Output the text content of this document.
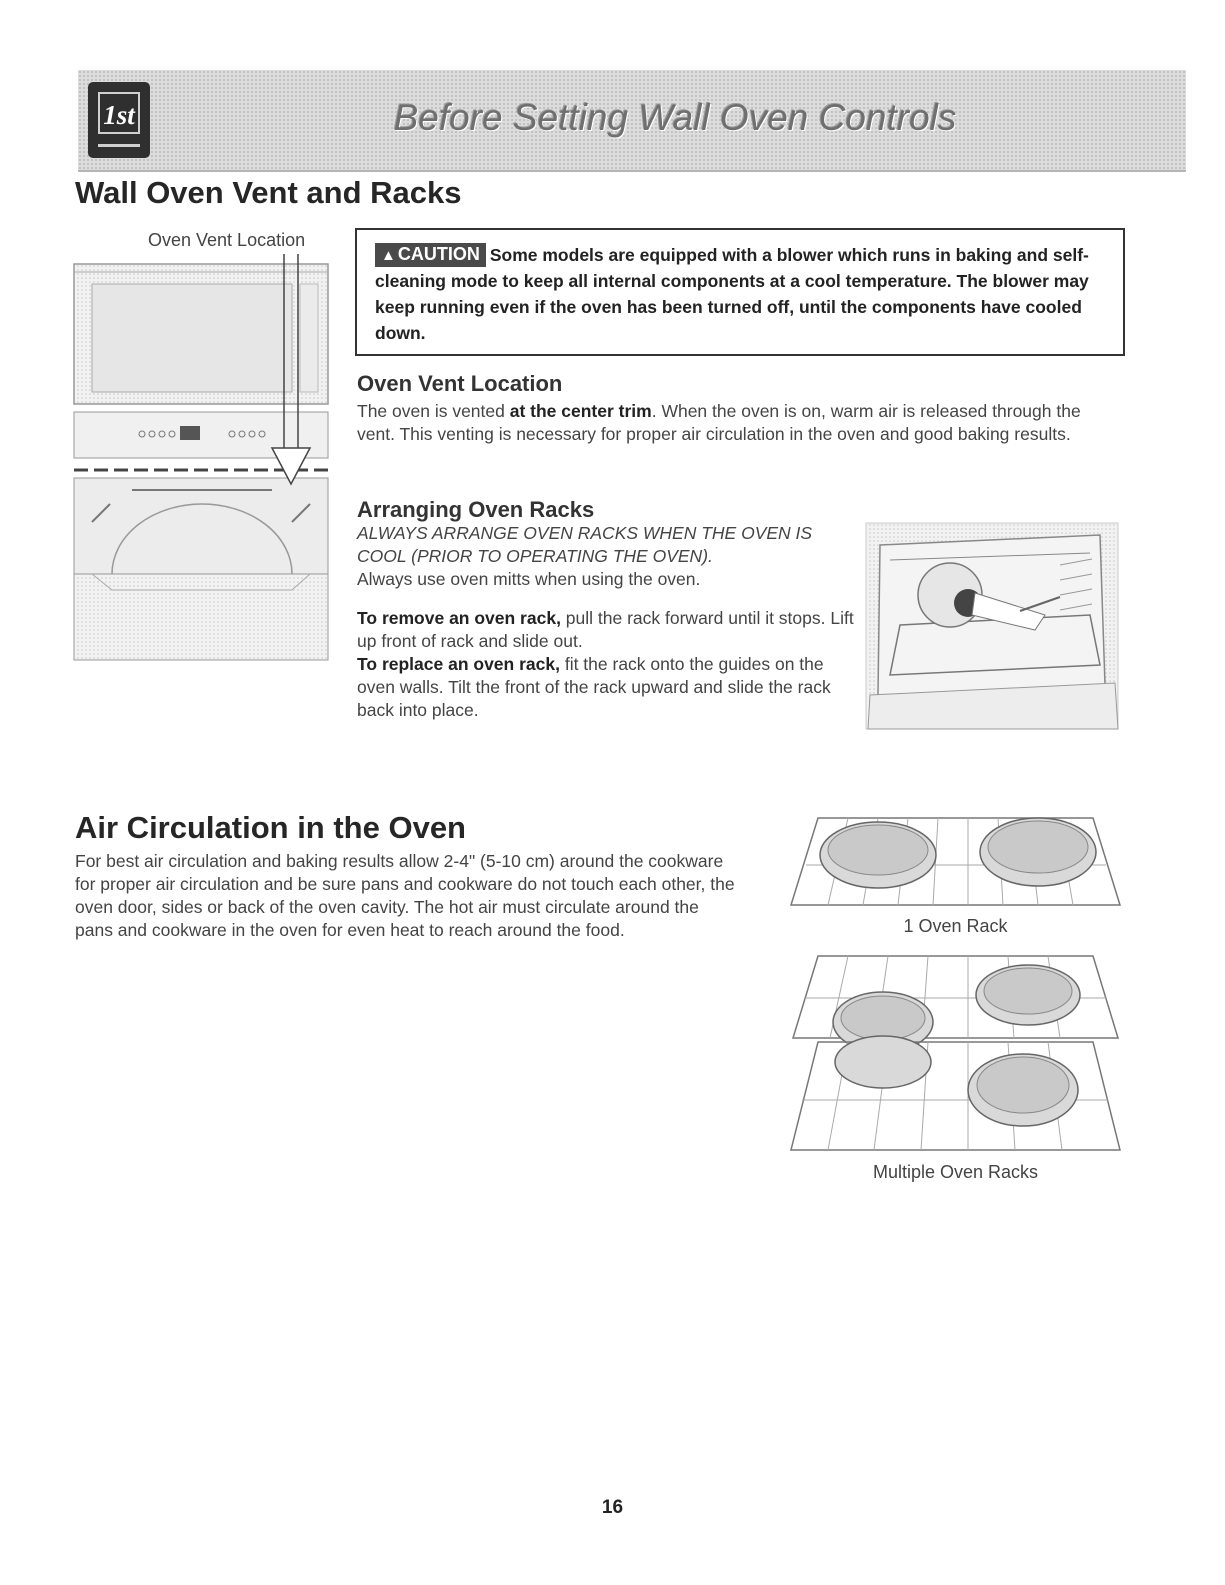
1st	Before Setting Wall Oven Controls
Wall Oven Vent and Racks
Oven Vent Location
▲ CAUTION Some models are equipped with a blower which runs in baking and self-cleaning mode to keep all internal components at a cool temperature. The blower may keep running even if the oven has been turned off, until the components have cooled down.
Oven Vent Location
The oven is vented at the center trim. When the oven is on, warm air is released through the vent. This venting is necessary for proper air circulation in the oven and good baking results.
Arranging Oven Racks

ALWAYS ARRANGE OVEN RACKS WHEN THE OVEN IS COOL (PRIOR TO OPERATING THE OVEN).

Always use oven mitts when using the oven.

To remove an oven rack, pull the rack forward until it stops. Lift up front of rack and slide out.

To replace an oven rack, fit the rack onto the guides on the oven walls. Tilt the front of the rack upward and slide the rack back into place.

Air Circulation in the Oven
For best air circulation and baking results allow 2-4" (5-10 cm) around the cookware for proper air circulation and be sure pans and cookware do not touch each other, the oven door, sides or back of the oven cavity. The hot air must circulate around the pans and cookware in the oven for even heat to reach around the food.	1 Oven Rack
Multiple Oven Racks
16
